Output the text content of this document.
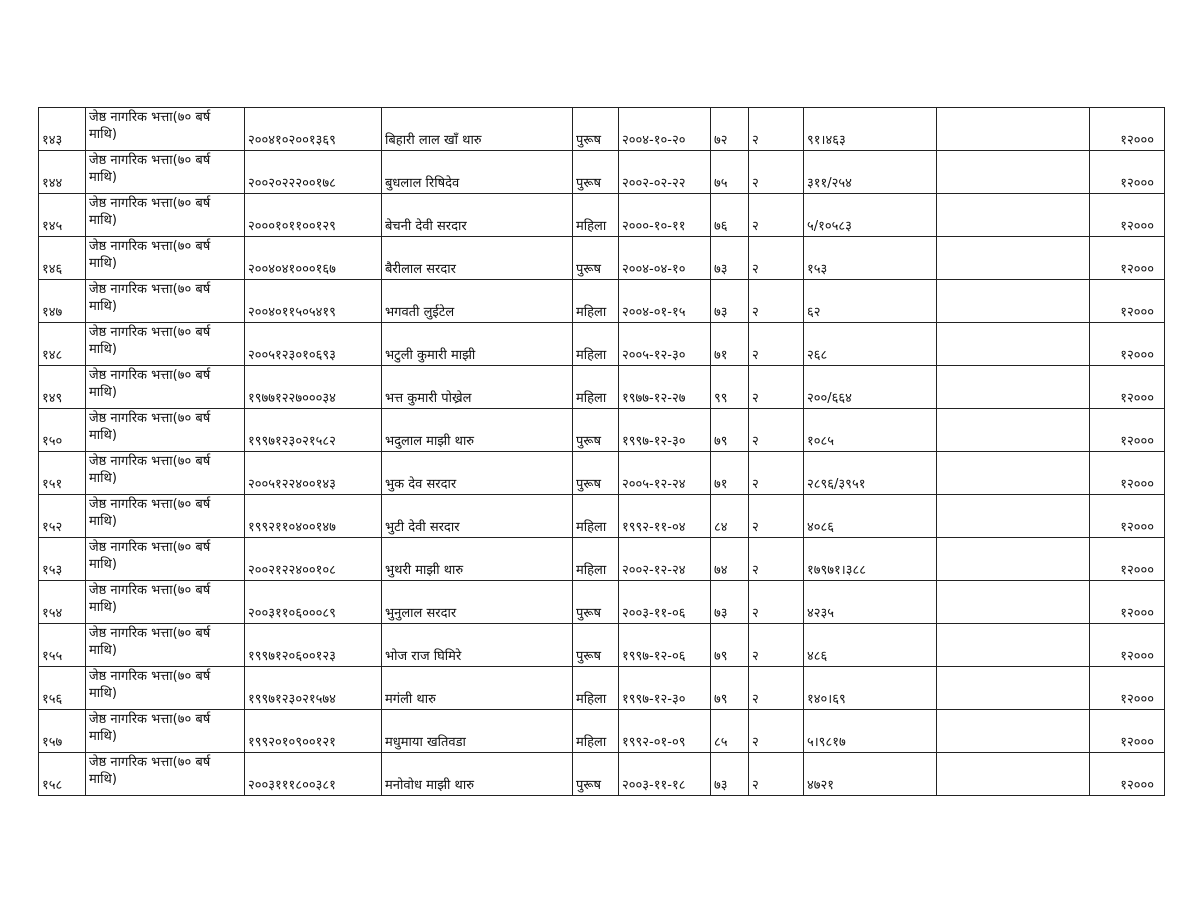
१४३	जेष्ठ नागरिक भत्ता(७० बर्ष माथि)	२००४१०२००१३६९	बिहारी लाल खाँ थारु	पुरूष	२००४-१०-२०	७२	२	९१।४६३		१२०००
१४४	जेष्ठ नागरिक भत्ता(७० बर्ष माथि)	२००२०२२२००१७८	बुधलाल रिषिदेव	पुरूष	२००२-०२-२२	७५	२	३११/२५४		१२०००
१४५	जेष्ठ नागरिक भत्ता(७० बर्ष माथि)	२०००१०११००१२९	बेचनी देवी सरदार	महिला	२०००-१०-११	७६	२	५/१०५८३		१२०००
१४६	जेष्ठ नागरिक भत्ता(७० बर्ष माथि)	२००४०४१०००१६७	बैरीलाल सरदार	पुरूष	२००४-०४-१०	७३	२	१५३		१२०००
१४७	जेष्ठ नागरिक भत्ता(७० बर्ष माथि)	२००४०११५०५४१९	भगवती लुईटेल	महिला	२००४-०१-१५	७३	२	६२		१२०००
१४८	जेष्ठ नागरिक भत्ता(७० बर्ष माथि)	२००५१२३०१०६९३	भटुली कुमारी माझी	महिला	२००५-१२-३०	७१	२	२६८		१२०००
१४९	जेष्ठ नागरिक भत्ता(७० बर्ष माथि)	१९७७१२२७०००३४	भत्त कुमारी पोख्रेल	महिला	१९७७-१२-२७	९९	२	२००/६६४		१२०००
१५०	जेष्ठ नागरिक भत्ता(७० बर्ष माथि)	१९९७१२३०२१५८२	भदुलाल माझी थारु	पुरूष	१९९७-१२-३०	७९	२	१०८५		१२०००
१५१	जेष्ठ नागरिक भत्ता(७० बर्ष माथि)	२००५१२२४००१४३	भुक देव सरदार	पुरूष	२००५-१२-२४	७१	२	२८९६/३९५१		१२०००
१५२	जेष्ठ नागरिक भत्ता(७० बर्ष माथि)	१९९२११०४००१४७	भुटी देवी सरदार	महिला	१९९२-११-०४	८४	२	४०८६		१२०००
१५३	जेष्ठ नागरिक भत्ता(७० बर्ष माथि)	२००२१२२४००१०८	भुथरी माझी थारु	महिला	२००२-१२-२४	७४	२	१७९७१।३८८		१२०००
१५४	जेष्ठ नागरिक भत्ता(७० बर्ष माथि)	२००३११०६०००८९	भुनुलाल सरदार	पुरूष	२००३-११-०६	७३	२	४२३५		१२०००
१५५	जेष्ठ नागरिक भत्ता(७० बर्ष माथि)	१९९७१२०६००१२३	भोज राज घिमिरे	पुरूष	१९९७-१२-०६	७९	२	४८६		१२०००
१५६	जेष्ठ नागरिक भत्ता(७० बर्ष माथि)	१९९७१२३०२१५७४	मगंली थारु	महिला	१९९७-१२-३०	७९	२	१४०।६९		१२०००
१५७	जेष्ठ नागरिक भत्ता(७० बर्ष माथि)	१९९२०१०९००१२१	मधुमाया खतिवडा	महिला	१९९२-०१-०९	८५	२	५।९८१७		१२०००
१५८	जेष्ठ नागरिक भत्ता(७० बर्ष माथि)	२००३१११८००३८१	मनोवोध माझी थारु	पुरूष	२००३-११-१८	७३	२	४७२१		१२०००
